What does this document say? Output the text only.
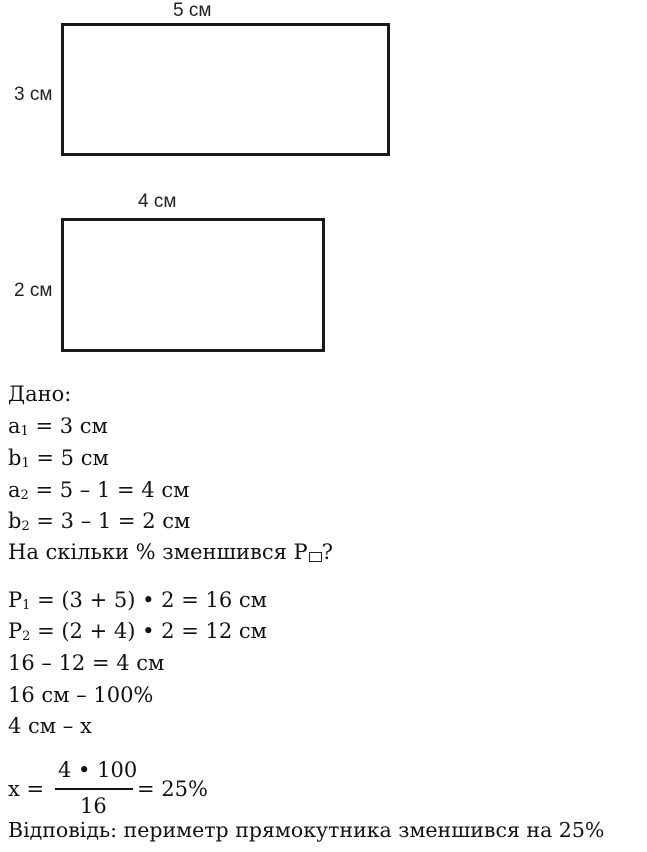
5 см
3 см
4 см
2 см
Дано:
$a_1 = 3$ см
$b_1 = 5$ см
$a_2 = 5 - 1 = 4$ см
$b_2 = 3 - 1 = 2$ см
На скільки % зменшився P ?
$P_1 = (3 + 5)$ • 2 = 16 см
$P_2 = (2 + 4)$ • 2 = 12 см
16 – 12 = 4 см
16 см – 100%
4 см – x
x =
4 • 100
16
= 25%
Відповідь: периметр прямокутника зменшився на 25%
